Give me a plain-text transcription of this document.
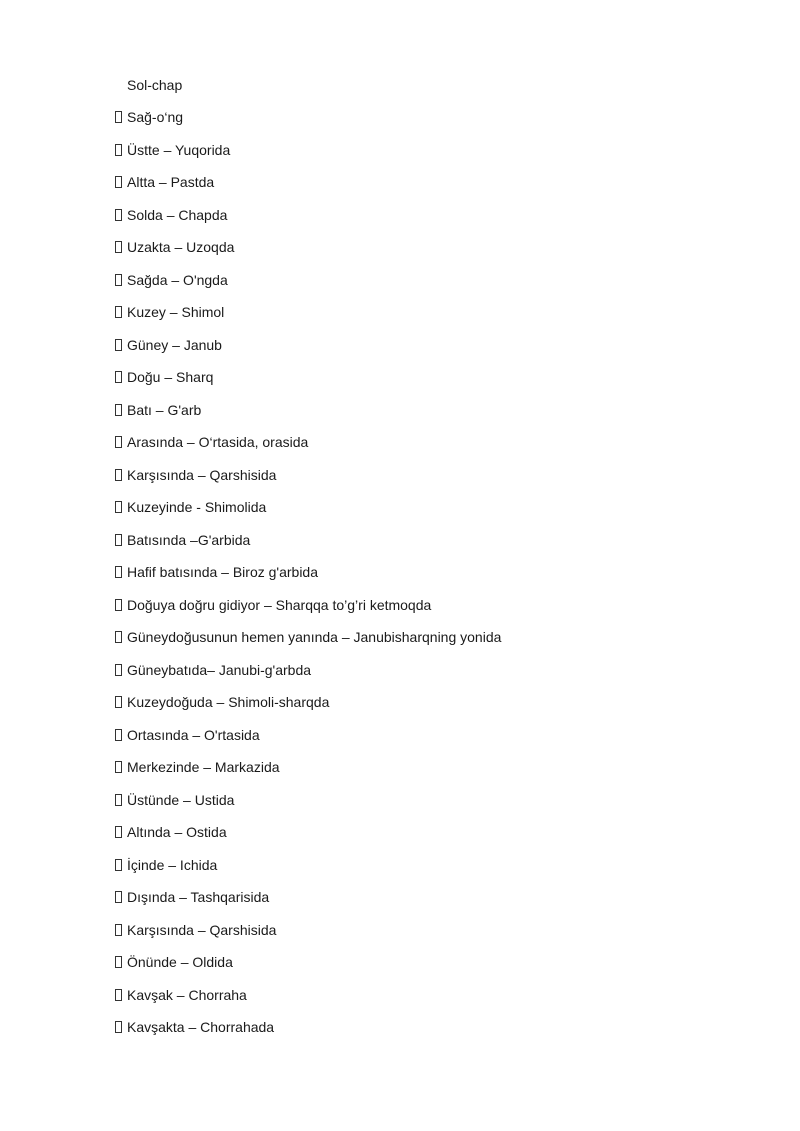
Sol-chap
Sağ-o‘ng
Üstte – Yuqorida
Altta – Pastda
Solda – Chapda
Uzakta – Uzoqda
Sağda – O'ngda
Kuzey – Shimol
Güney – Janub
Doğu – Sharq
Batı – G'arb
Arasında – O‘rtasida, orasida
Karşısında – Qarshisida
Kuzeyinde - Shimolida
Batısında –G'arbida
Hafif batısında – Biroz g'arbida
Doğuya doğru gidiyor – Sharqqa to’g’ri ketmoqda
Güneydoğusunun hemen yanında – Janubisharqning yonida
Güneybatıda– Janubi-g'arbda
Kuzeydoğuda – Shimoli-sharqda
Ortasında – O'rtasida
Merkezinde – Markazida
Üstünde – Ustida
Altında – Ostida
İçinde – Ichida
Dışında – Tashqarisida
Karşısında – Qarshisida
Önünde – Oldida
Kavşak – Chorraha
Kavşakta – Chorrahada
